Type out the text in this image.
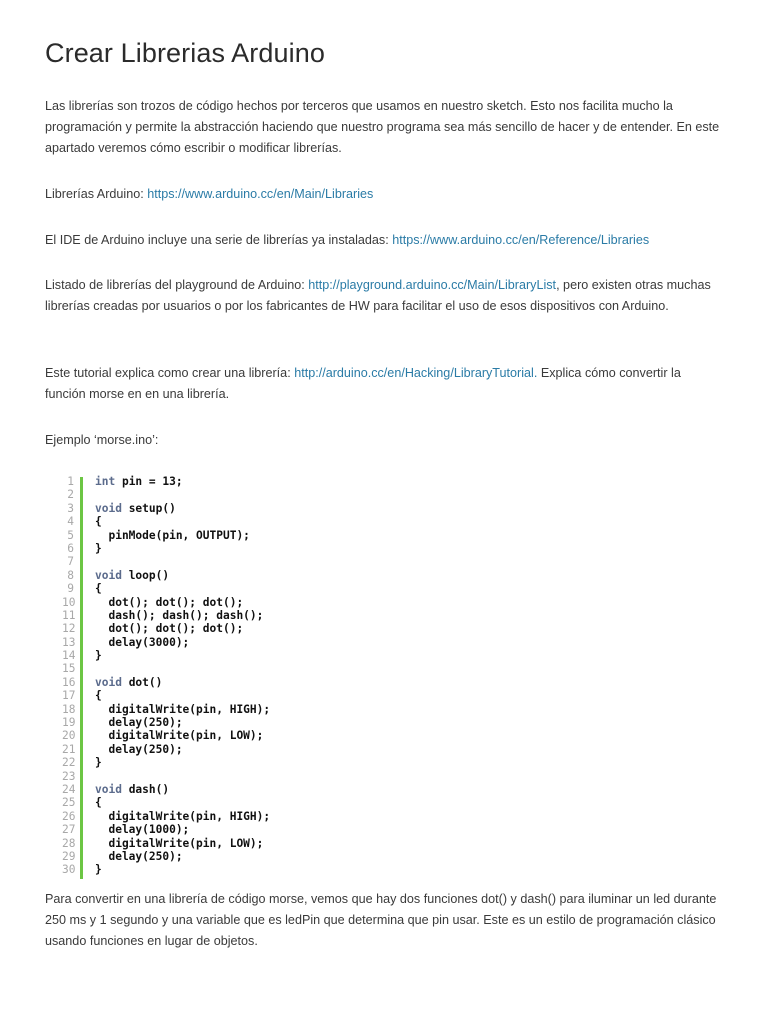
Crear Librerias Arduino

Las librerías son trozos de código hechos por terceros que usamos en nuestro sketch. Esto nos facilita mucho la programación y permite la abstracción haciendo que nuestro programa sea más sencillo de hacer y de entender. En este apartado veremos cómo escribir o modificar librerías.

Librerías Arduino: https://www.arduino.cc/en/Main/Libraries

El IDE de Arduino incluye una serie de librerías ya instaladas: https://www.arduino.cc/en/Reference/Libraries

Listado de librerías del playground de Arduino: http://playground.arduino.cc/Main/LibraryList, pero existen otras muchas librerías creadas por usuarios o por los fabricantes de HW para facilitar el uso de esos dispositivos con Arduino.

Este tutorial explica como crear una librería: http://arduino.cc/en/Hacking/LibraryTutorial. Explica cómo convertir la función morse en en una librería.

Ejemplo ‘morse.ino’:

1
2
3
4
5
6
7
8
9
10
11
12
13
14
15
16
17
18
19
20
21
22
23
24
25
26
27
28
29
30
int pin = 13;
void setup()
{
pinMode(pin, OUTPUT);
}
void loop()
{
dot(); dot(); dot();
dash(); dash(); dash();
dot(); dot(); dot();
delay(3000);
}
void dot()
{
digitalWrite(pin, HIGH);
delay(250);
digitalWrite(pin, LOW);
delay(250);
}
void dash()
{
digitalWrite(pin, HIGH);
delay(1000);
digitalWrite(pin, LOW);
delay(250);
}

Para convertir en una librería de código morse, vemos que hay dos funciones dot() y dash() para iluminar un led durante 250 ms y 1 segundo y una variable que es ledPin que determina que pin usar. Este es un estilo de programación clásico usando funciones en lugar de objetos.
